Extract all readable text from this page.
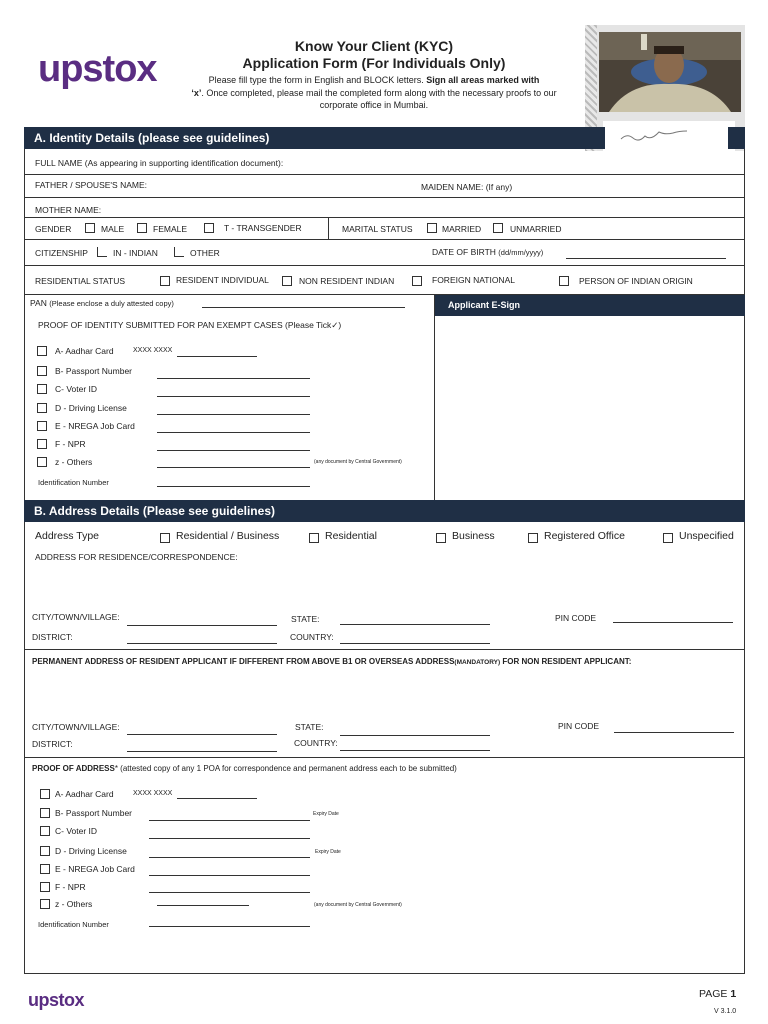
upstox
Know Your Client (KYC)
Application Form (For Individuals Only)
Please fill type the form in English and BLOCK letters. Sign all areas marked with
‘x’. Once completed, please mail the completed form along with the necessary proofs to our corporate office in Mumbai.
A. Identity Details (please see guidelines)
FULL NAME (As appearing in supporting identification document):
FATHER / SPOUSE'S NAME:	MAIDEN NAME: (If any)
MOTHER NAME:
GENDER	MALE	FEMALE	T - TRANSGENDER	MARITAL STATUS	MARRIED	UNMARRIED
CITIZENSHIP	IN - INDIAN	OTHER	DATE OF BIRTH (dd/mm/yyyy)
RESIDENTIAL STATUS	RESIDENT INDIVIDUAL	NON RESIDENT INDIAN	FOREIGN NATIONAL	PERSON OF INDIAN ORIGIN
PAN (Please enclose a duly attested copy)	Applicant E-Sign
PROOF OF IDENTITY SUBMITTED FOR PAN EXEMPT CASES (Please Tick✓)
A- Aadhar Card	XXXX XXXX
B- Passport Number
C- Voter ID
D - Driving License
E - NREGA Job Card
F - NPR
z - Others	(any document by Central Government)
Identification Number
B. Address Details (Please see guidelines)
Address Type	Residential / Business	Residential	Business	Registered Office	Unspecified
ADDRESS FOR RESIDENCE/CORRESPONDENCE:
CITY/TOWN/VILLAGE:	STATE:	PIN CODE
DISTRICT:	COUNTRY:
PERMANENT ADDRESS OF RESIDENT APPLICANT IF DIFFERENT FROM ABOVE B1 OR OVERSEAS ADDRESS(MANDATORY) FOR NON RESIDENT APPLICANT:
CITY/TOWN/VILLAGE:	STATE:	PIN CODE
DISTRICT:	COUNTRY:
PROOF OF ADDRESS* (attested copy of any 1 POA for correspondence and permanent address each to be submitted)
A- Aadhar Card	XXXX XXXX
B- Passport Number	Expiry Date
C- Voter ID
D - Driving License	Expiry Date
E - NREGA Job Card
F - NPR
z - Others	(any document by Central Government)
Identification Number
upstox	PAGE 1
V 3.1.0
